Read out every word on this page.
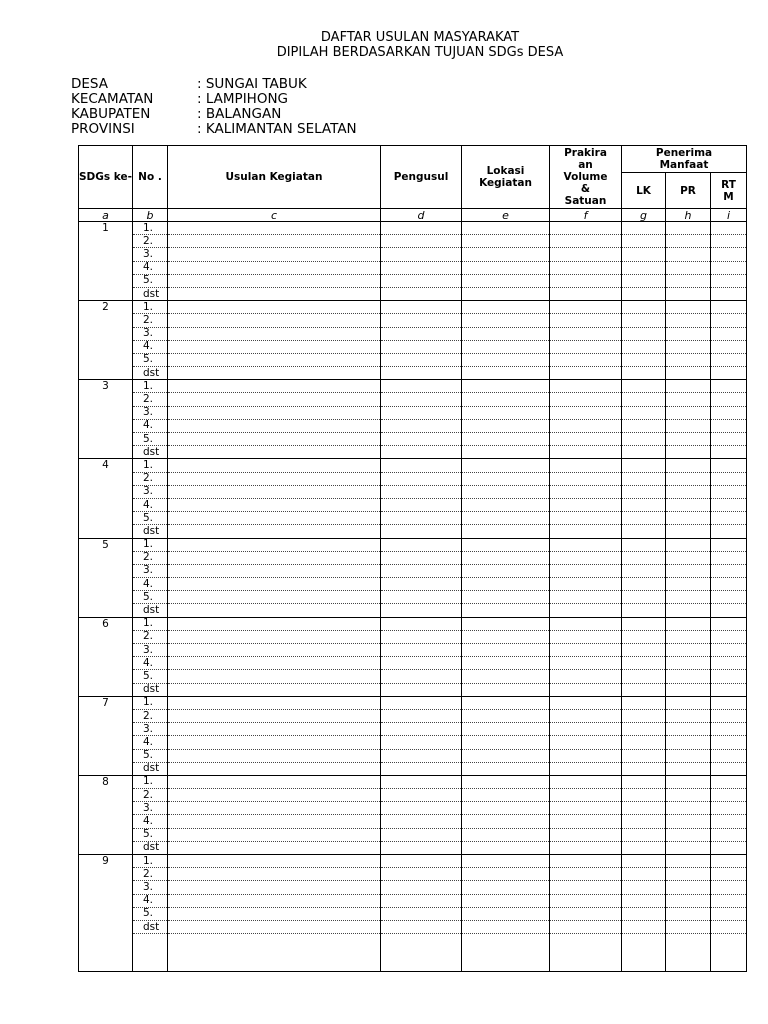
DAFTAR USULAN MASYARAKAT
DIPILAH BERDASARKAN TUJUAN SDGs DESA
DESA	: SUNGAI TABUK
KECAMATAN	: LAMPIHONG
KABUPATEN	: BALANGAN
PROVINSI	: KALIMANTAN SELATAN
SDGs ke-	No .	Usulan Kegiatan	Pengusul	Lokasi Kegiatan	Prakira an Volume & Satuan	Penerima Manfaat		
						LK	PR	RT M
a	b	c	d	e	f	g	h	i
1	1.							
	2.							
	3.							
	4.							
	5.							
	dst							
2	1.							
	2.							
	3.							
	4.							
	5.							
	dst							
3	1.							
	2.							
	3.							
	4.							
	5.							
	dst							
4	1.							
	2.							
	3.							
	4.							
	5.							
	dst							
5	1.							
	2.							
	3.							
	4.							
	5.							
	dst							
6	1.							
	2.							
	3.							
	4.							
	5.							
	dst							
7	1.							
	2.							
	3.							
	4.							
	5.							
	dst							
8	1.							
	2.							
	3.							
	4.							
	5.							
	dst							
9	1.							
	2.							
	3.							
	4.							
	5.							
	dst							
